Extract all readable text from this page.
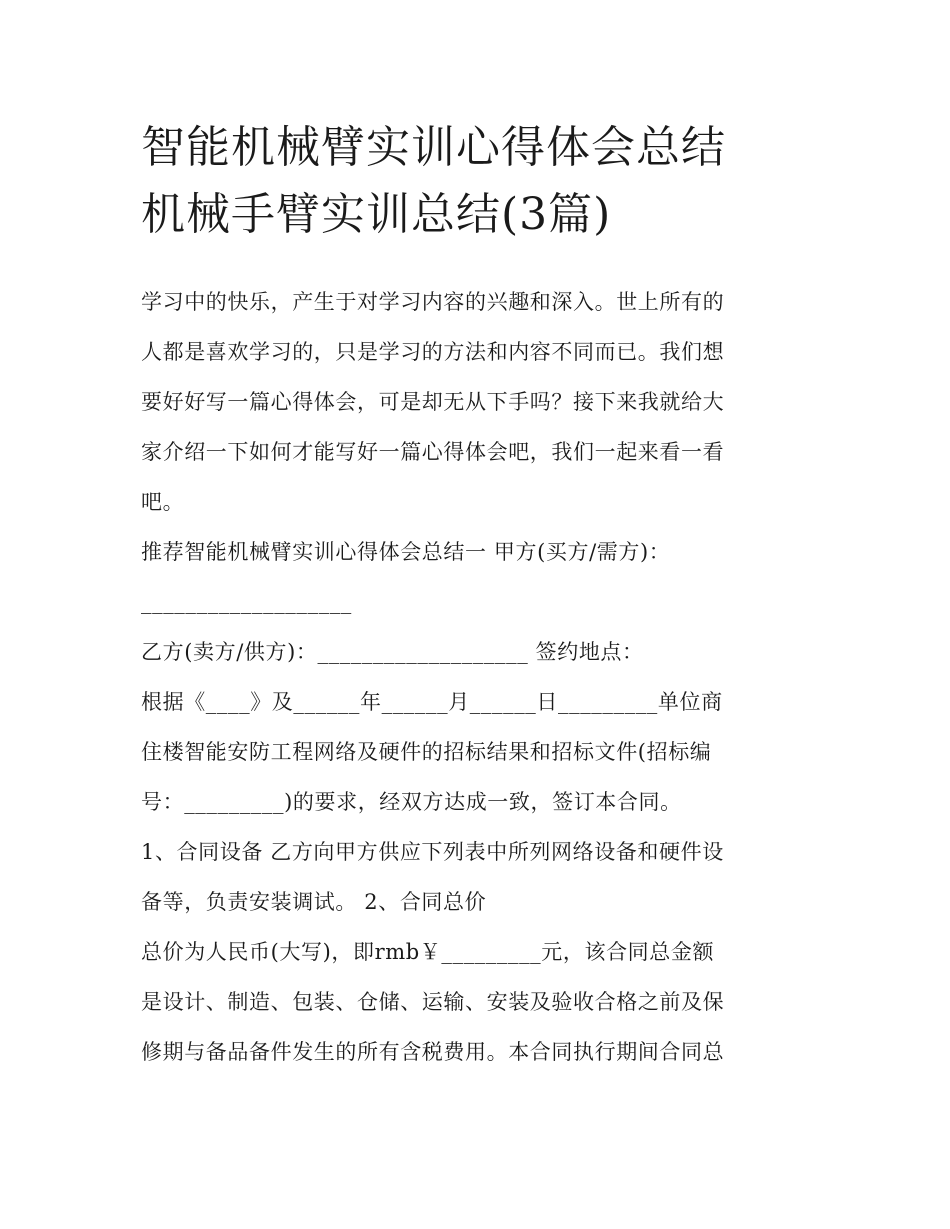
智能机械臂实训心得体会总结
机械手臂实训总结(3篇)
学习中的快乐，产生于对学习内容的兴趣和深入。世上所有的
人都是喜欢学习的，只是学习的方法和内容不同而已。我们想
要好好写一篇心得体会，可是却无从下手吗？接下来我就给大
家介绍一下如何才能写好一篇心得体会吧，我们一起来看一看
吧。
推荐智能机械臂实训心得体会总结一 甲方(买方/需方)：
___________________
乙方(卖方/供方)：___________________ 签约地点：
根据《____》及______年______月______日_________单位商
住楼智能安防工程网络及硬件的招标结果和招标文件(招标编
号：_________)的要求，经双方达成一致，签订本合同。
1、合同设备 乙方向甲方供应下列表中所列网络设备和硬件设
备等，负责安装调试。 2、合同总价
总价为人民币(大写)，即rmb￥_________元，该合同总金额
是设计、制造、包装、仓储、运输、安装及验收合格之前及保
修期与备品备件发生的所有含税费用。本合同执行期间合同总
